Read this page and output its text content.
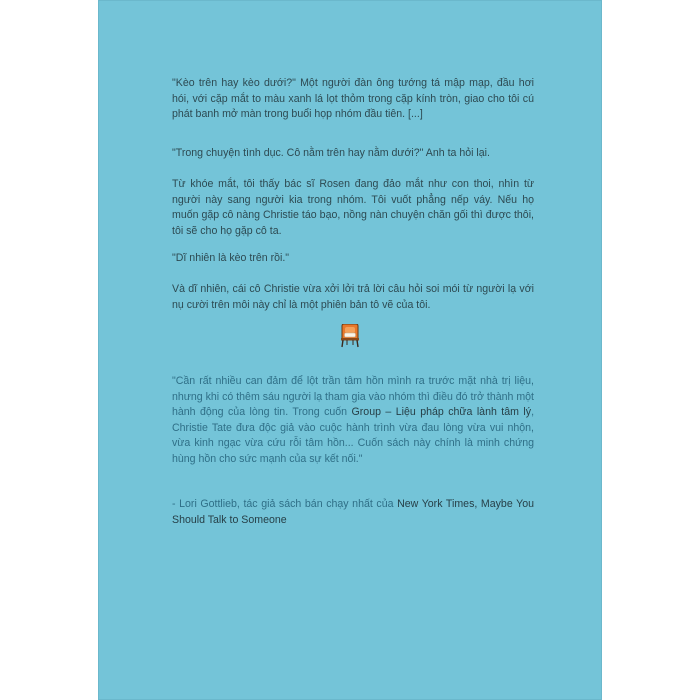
"Kèo trên hay kèo dưới?" Một người đàn ông tướng tá mập mạp, đầu hơi hói, với cặp mắt to màu xanh lá lọt thỏm trong cặp kính tròn, giao cho tôi cú phát banh mở màn trong buổi họp nhóm đầu tiên. [...]

"Trong chuyện tình dục. Cô nằm trên hay nằm dưới?" Anh ta hỏi lại.

Từ khóe mắt, tôi thấy bác sĩ Rosen đang đảo mắt như con thoi, nhìn từ người này sang người kia trong nhóm. Tôi vuốt phẳng nếp váy. Nếu họ muốn gặp cô nàng Christie táo bạo, nồng nàn chuyện chăn gối thì được thôi, tôi sẽ cho họ gặp cô ta.

"Dĩ nhiên là kèo trên rồi."

Và dĩ nhiên, cái cô Christie vừa xởi lởi trả lời câu hỏi soi mói từ người lạ với nụ cười trên môi này chỉ là một phiên bản tô vẽ của tôi.

"Cần rất nhiều can đảm để lột trần tâm hồn mình ra trước mặt nhà trị liệu, nhưng khi có thêm sáu người lạ tham gia vào nhóm thì điều đó trở thành một hành động của lòng tin. Trong cuốn Group – Liệu pháp chữa lành tâm lý, Christie Tate đưa độc giả vào cuộc hành trình vừa đau lòng vừa vui nhộn, vừa kinh ngạc vừa cứu rỗi tâm hồn... Cuốn sách này chính là minh chứng hùng hồn cho sức mạnh của sự kết nối."

- Lori Gottlieb, tác giả sách bán chạy nhất của New York Times, Maybe You Should Talk to Someone
